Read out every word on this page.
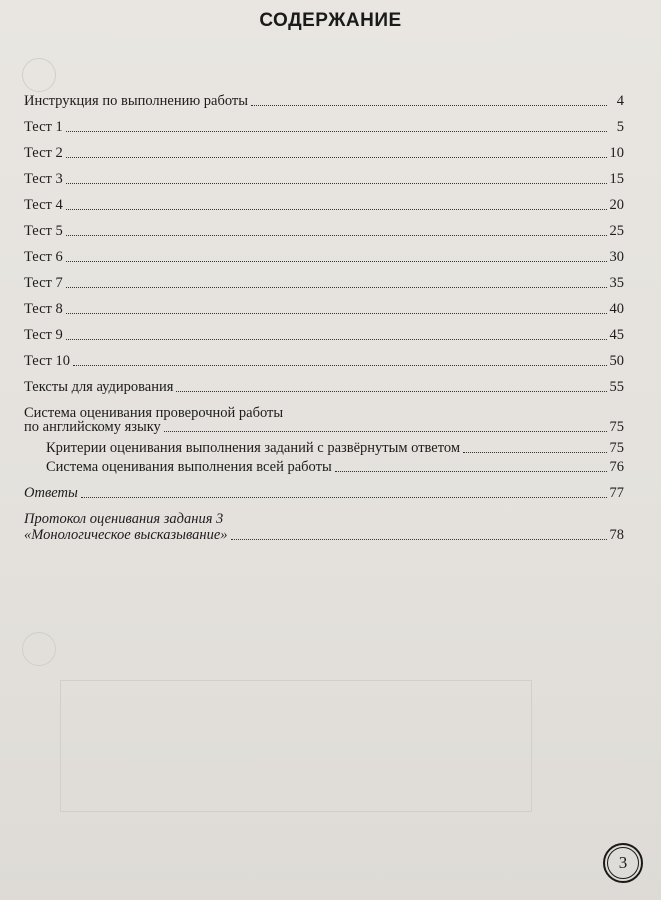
СОДЕРЖАНИЕ
Инструкция по выполнению работы	4
Тест 1	5
Тест 2	10
Тест 3	15
Тест 4	20
Тест 5	25
Тест 6	30
Тест 7	35
Тест 8	40
Тест 9	45
Тест 10	50
Тексты для аудирования	55
Система оценивания проверочной работы
по английскому языку	75
Критерии оценивания выполнения заданий с развёрнутым ответом	75
Система оценивания выполнения всей работы	76
Ответы	77
Протокол оценивания задания 3
«Монологическое высказывание»	78
3
